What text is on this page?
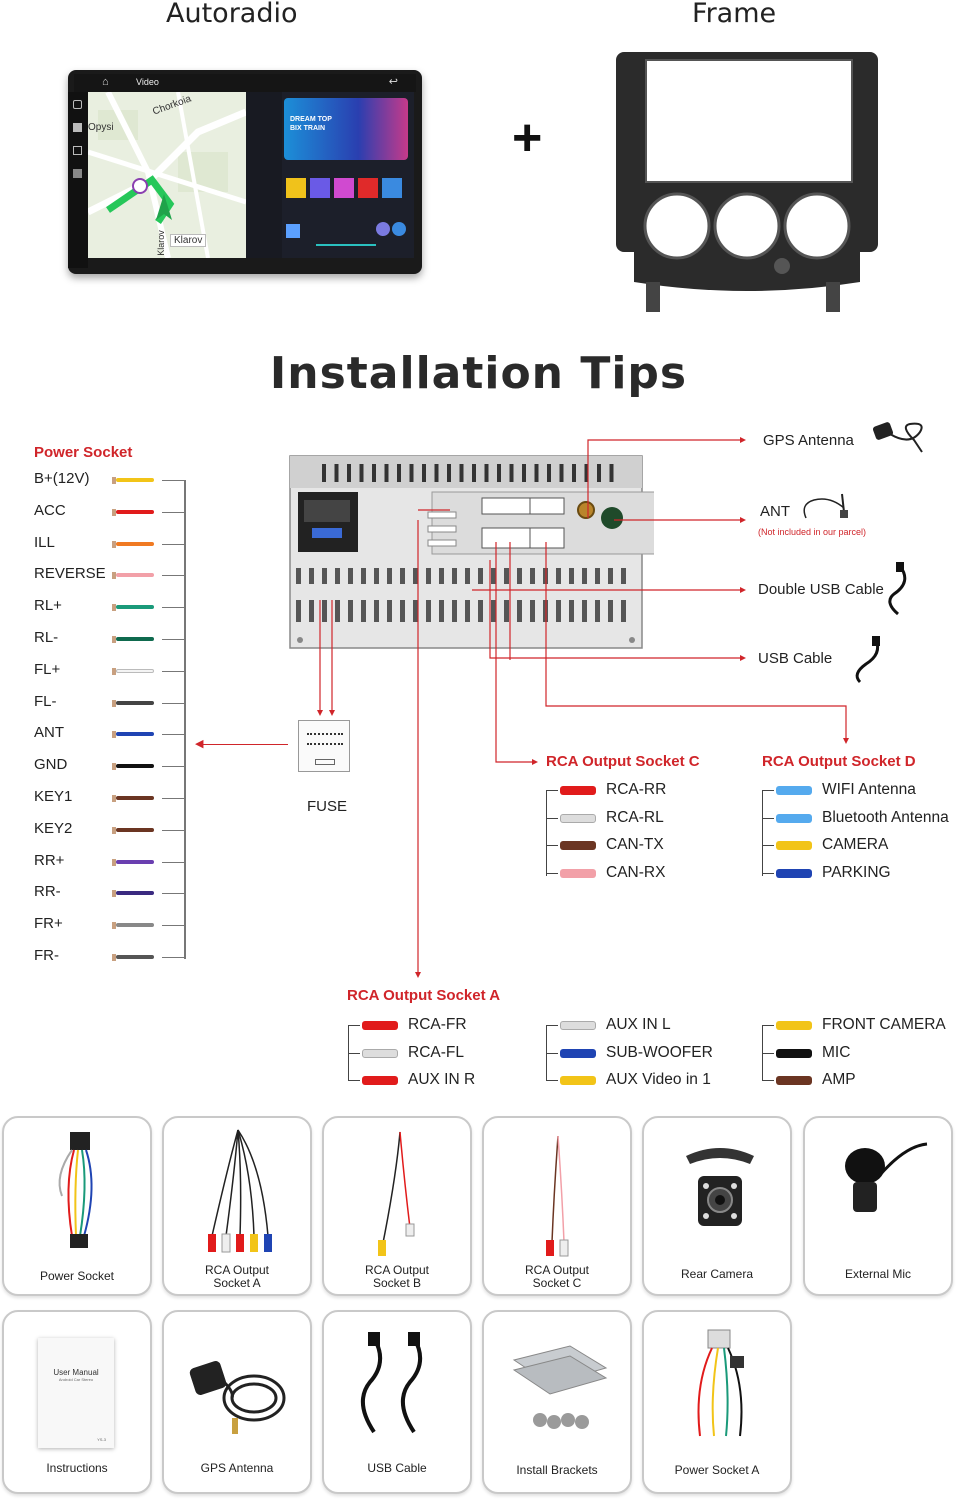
Autoradio	Frame
⌂	Video	↩
Chorkoia
Opysi
Klarov
Klarov
DREAM TOP
BIX TRAIN	+
Installation Tips
Power Socket
B+(12V)
ACC
ILL
REVERSE
RL+
RL-
FL+
FL-
ANT
GND
KEY1
KEY2
RR+
RR-
FR+
FR-
◀
FUSE
GPS Antenna
ANT
(Not included in our parcel)
Double USB Cable
USB Cable
RCA Output Socket C
RCA-RR
RCA-RL
CAN-TX
CAN-RX
RCA Output Socket D
WIFI Antenna
Bluetooth Antenna
CAMERA
PARKING
RCA Output Socket A
RCA-FR
RCA-FL
AUX IN R
AUX IN L
SUB-WOOFER
AUX Video in 1
FRONT CAMERA
MIC
AMP
Power Socket	RCA Output Socket A
RCA Output Socket B
RCA Output Socket C
Rear Camera	External Mic
User Manual
Android Car Stereo
YS-3
Instructions	GPS Antenna	USB Cable	Install Brackets	Power Socket A
